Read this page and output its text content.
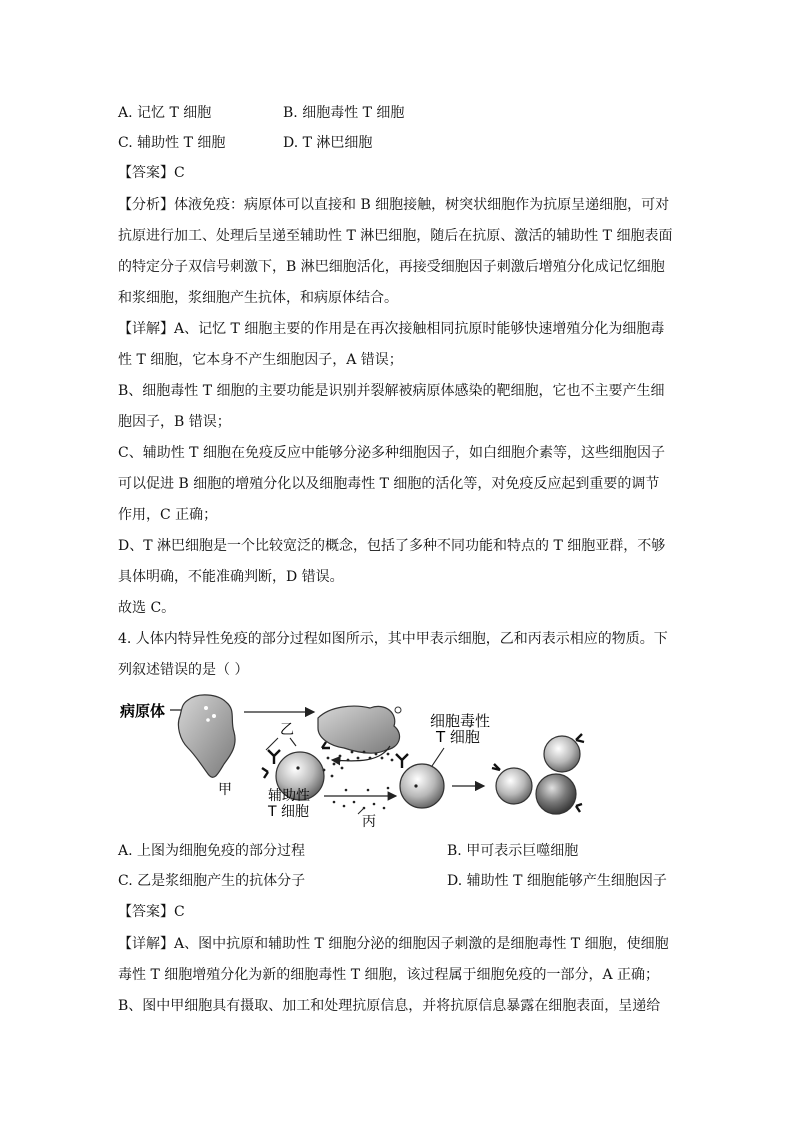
A. 记忆 T 细胞	B. 细胞毒性 T 细胞
C. 辅助性 T 细胞	D. T 淋巴细胞
【答案】C
【分析】体液免疫：病原体可以直接和 B 细胞接触，树突状细胞作为抗原呈递细胞，可对
抗原进行加工、处理后呈递至辅助性 T 淋巴细胞，随后在抗原、激活的辅助性 T 细胞表面
的特定分子双信号刺激下，B 淋巴细胞活化，再接受细胞因子刺激后增殖分化成记忆细胞
和浆细胞，浆细胞产生抗体，和病原体结合。
【详解】A、记忆 T 细胞主要的作用是在再次接触相同抗原时能够快速增殖分化为细胞毒
性 T 细胞，它本身不产生细胞因子，A 错误；
B、细胞毒性 T 细胞的主要功能是识别并裂解被病原体感染的靶细胞，它也不主要产生细
胞因子，B 错误；
C、辅助性 T 细胞在免疫反应中能够分泌多种细胞因子，如白细胞介素等，这些细胞因子
可以促进 B 细胞的增殖分化以及细胞毒性 T 细胞的活化等，对免疫反应起到重要的调节
作用，C 正确；
D、T 淋巴细胞是一个比较宽泛的概念，包括了多种不同功能和特点的 T 细胞亚群，不够
具体明确，不能准确判断，D 错误。
故选 C。
4. 人体内特异性免疫的部分过程如图所示，其中甲表示细胞，乙和丙表示相应的物质。下
列叙述错误的是（ ）
病原体
甲
乙
辅助性
T 细胞
丙
细胞毒性
T 细胞
A. 上图为细胞免疫的部分过程	B. 甲可表示巨噬细胞
C. 乙是浆细胞产生的抗体分子	D. 辅助性 T 细胞能够产生细胞因子
【答案】C
【详解】A、图中抗原和辅助性 T 细胞分泌的细胞因子刺激的是细胞毒性 T 细胞，使细胞
毒性 T 细胞增殖分化为新的细胞毒性 T 细胞，该过程属于细胞免疫的一部分，A 正确；
B、图中甲细胞具有摄取、加工和处理抗原信息，并将抗原信息暴露在细胞表面，呈递给
